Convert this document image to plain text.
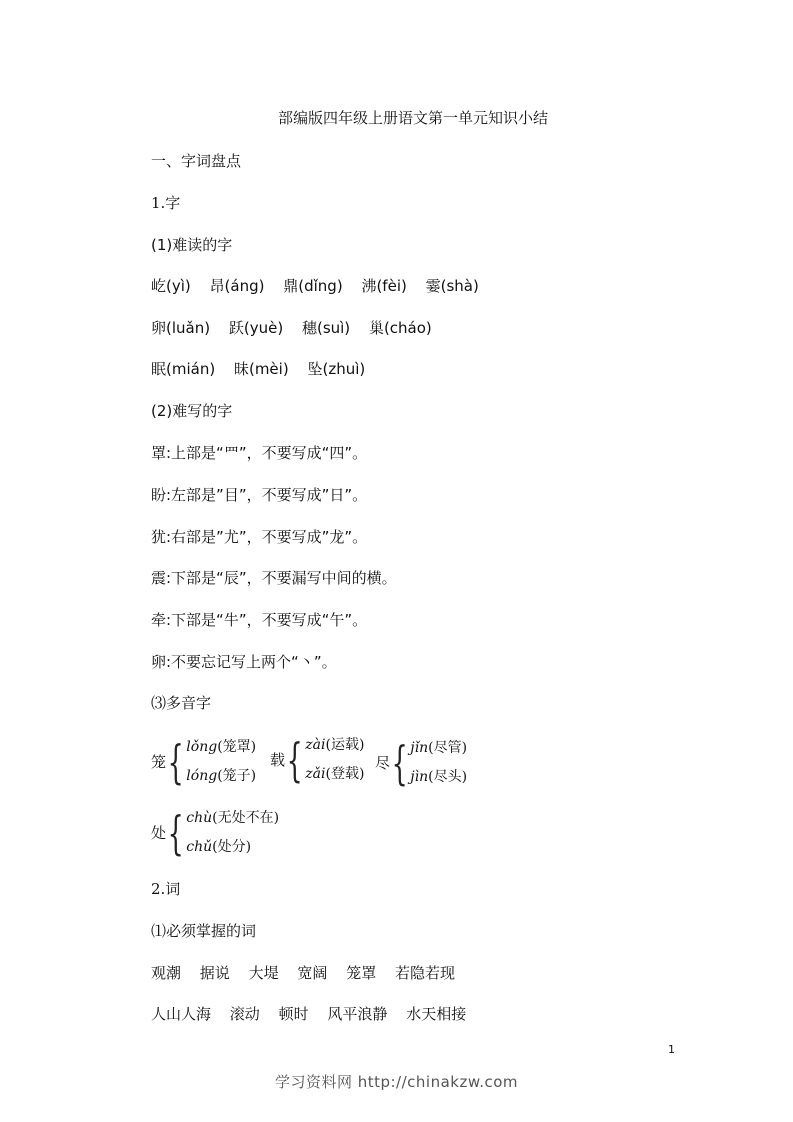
部编版四年级上册语文第一单元知识小结
一、字词盘点
1.字
(1)难读的字
屹(yì) 昂(áng) 鼎(dǐng) 沸(fèi) 霎(shà)
卵(luǎn) 跃(yuè) 穗(suì) 巢(cháo)
眠(mián) 昧(mèi) 坠(zhuì)
(2)难写的字
罩:上部是“罒”，不要写成“四”。
盼:左部是”目”，不要写成”日”。
犹:右部是”尤”，不要写成”龙”。
震:下部是“辰”，不要漏写中间的横。
牵:下部是“牛”，不要写成“午”。
卵:不要忘记写上两个“丶”。
⑶多音字
笼 { lǒng(笼罩)
lóng(笼子)
载 { zài(运载)
zǎi(登载)
尽 { jǐn(尽管)
jìn(尽头)
处 { chù(无处不在)
chǔ(处分)
2.词
⑴必须掌握的词
观潮 据说 大堤 宽阔 笼罩 若隐若现
人山人海 滚动 顿时 风平浪静 水天相接
1
学习资料网 http://chinakzw.com
